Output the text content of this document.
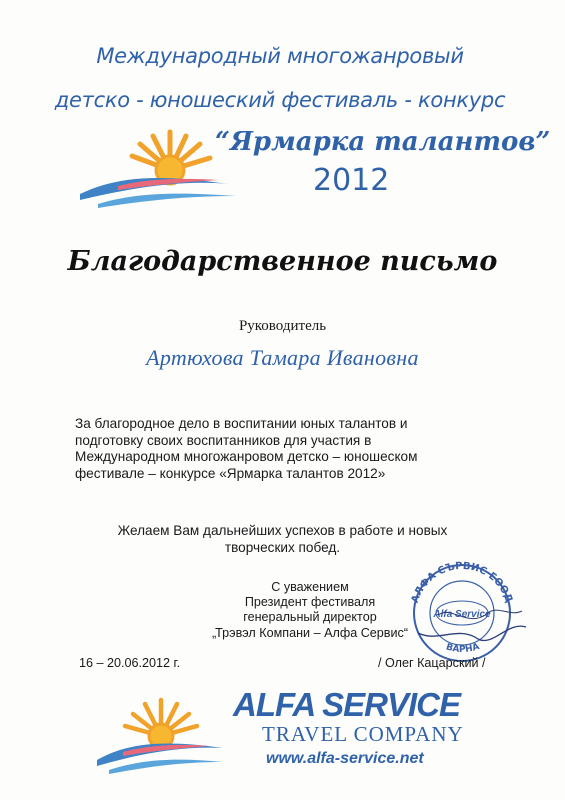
Международный многожанровый
детско - юношеский фестиваль - конкурс
“Ярмарка талантов”
2012
Благодарственное письмо
Руководитель
Артюхова Тамара Ивановна
За благородное дело в воспитании юных талантов и
подготовку своих воспитанников для участия в
Международном многожанровом детско – юношеском
фестивале – конкурсе «Ярмарка талантов 2012»
Желаем Вам дальнейших успехов в работе и новых
творческих побед.
АЛФА СЪРВИС ЕООД
ВАРНА
Alfa Service
С уважением
Президент фестиваля
генеральный директор
„Трэвэл Компани – Алфа Сервис“
16 – 20.06.2012 г.	/ Олег Кацарский /
ALFA SERVICE
TRAVEL COMPANY
www.alfa-service.net
